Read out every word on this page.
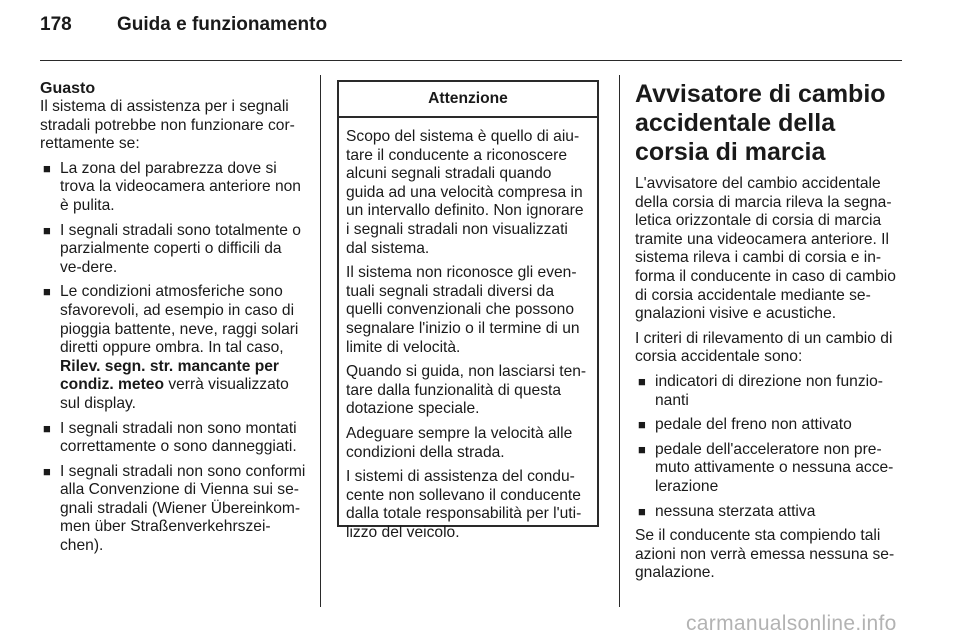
178 Guida e funzionamento
Guasto

Il sistema di assistenza per i segnali stradali potrebbe non funzionare cor-rettamente se:

■ La zona del parabrezza dove si trova la videocamera anteriore non è pulita.
■ I segnali stradali sono totalmente o parzialmente coperti o difficili da ve-dere.
■ Le condizioni atmosferiche sono sfavorevoli, ad esempio in caso di pioggia battente, neve, raggi solari diretti oppure ombra. In tal caso, Rilev. segn. str. mancante per condiz. meteo verrà visualizzato sul display.
■ I segnali stradali non sono montati correttamente o sono danneggiati.
■ I segnali stradali non sono conformi alla Convenzione di Vienna sui se-gnali stradali (Wiener Übereinkom-men über Straßenverkehrszei-chen).
Attenzione

Scopo del sistema è quello di aiu-tare il conducente a riconoscere alcuni segnali stradali quando guida ad una velocità compresa in un intervallo definito. Non ignorare i segnali stradali non visualizzati dal sistema.

Il sistema non riconosce gli even-tuali segnali stradali diversi da quelli convenzionali che possono segnalare l'inizio o il termine di un limite di velocità.

Quando si guida, non lasciarsi ten-tare dalla funzionalità di questa dotazione speciale.

Adeguare sempre la velocità alle condizioni della strada.

I sistemi di assistenza del condu-cente non sollevano il conducente dalla totale responsabilità per l'uti-lizzo del veicolo.

Avvisatore di cambio accidentale della corsia di marcia

L'avvisatore del cambio accidentale della corsia di marcia rileva la segna-letica orizzontale di corsia di marcia tramite una videocamera anteriore. Il sistema rileva i cambi di corsia e in-forma il conducente in caso di cambio di corsia accidentale mediante se-gnalazioni visive e acustiche.

I criteri di rilevamento di un cambio di corsia accidentale sono:

■ indicatori di direzione non funzio-nanti
■ pedale del freno non attivato
■ pedale dell'acceleratore non pre-muto attivamente o nessuna acce-lerazione
■ nessuna sterzata attiva

Se il conducente sta compiendo tali azioni non verrà emessa nessuna se-gnalazione.

carmanualsonline.info
